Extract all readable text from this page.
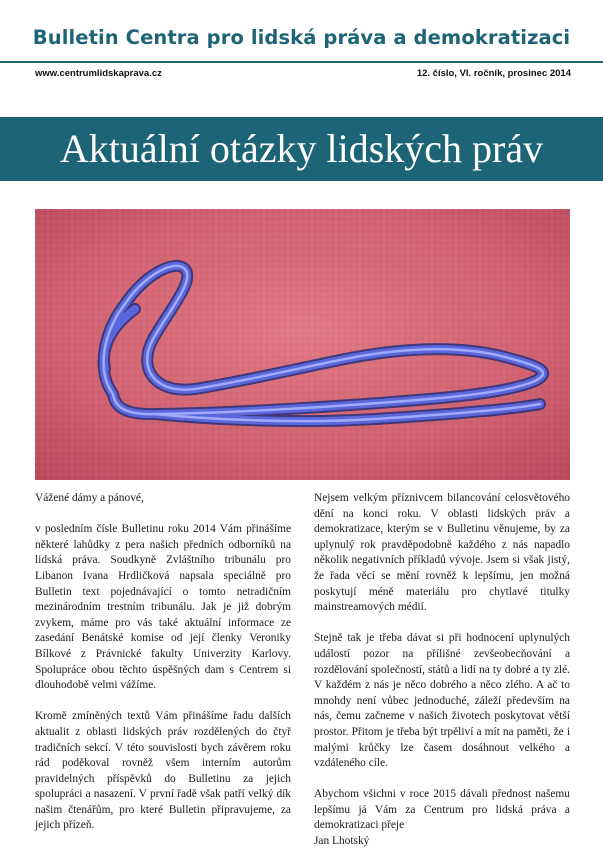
Bulletin Centra pro lidská práva a demokratizaci
www.centrumlidskaprava.cz	12. číslo, VI. ročník, prosinec 2014
Aktuální otázky lidských práv

Vážené dámy a pánové,

v posledním čísle Bulletinu roku 2014 Vám přinášíme některé lahůdky z pera našich předních odborníků na lidská práva. Soudkyně Zvláštního tribunálu pro Libanon Ivana Hrdličková napsala speciálně pro Bulletin text pojednávající o tomto netradičním mezinárodním trestním tribunálu. Jak je již dobrým zvykem, máme pro vás také aktuální informace ze zasedání Benátské komise od její členky Veroniky Bílkové z Právnické fakulty Univerzity Karlovy. Spolupráce obou těchto úspěšných dam s Centrem si dlouhodobě velmi vážíme.

Kromě zmíněných textů Vám přinášíme řadu dalších aktualit z oblasti lidských práv rozdělených do čtyř tradičních sekcí. V této souvislosti bych závěrem roku rád poděkoval rovněž všem interním autorům pravidelných příspěvků do Bulletinu za jejich spolupráci a nasazení. V první řadě však patří velký dík našim čtenářům, pro které Bulletin připravujeme, za jejich přízeň.

Nejsem velkým příznivcem bilancování celosvětového dění na konci roku. V oblasti lidských práv a demokratizace, kterým se v Bulletinu věnujeme, by za uplynulý rok pravděpodobně každého z nás napadlo několik negativních příkladů vývoje. Jsem si však jistý, že řada věcí se mění rovněž k lepšímu, jen možná poskytují méně materiálu pro chytlavé titulky mainstreamových médií.

Stejně tak je třeba dávat si při hodnocení uplynulých událostí pozor na přílišné zevšeobecňování a rozdělování společností, států a lidí na ty dobré a ty zlé. V každém z nás je něco dobrého a něco zlého. A ač to mnohdy není vůbec jednoduché, záleží především na nás, čemu začneme v našich životech poskytovat větší prostor. Přitom je třeba být trpěliví a mít na paměti, že i malými krůčky lze časem dosáhnout velkého a vzdáleného cíle.

Abychom všichni v roce 2015 dávali přednost našemu lepšímu já Vám za Centrum pro lidská práva a demokratizaci přeje

Jan Lhotský
